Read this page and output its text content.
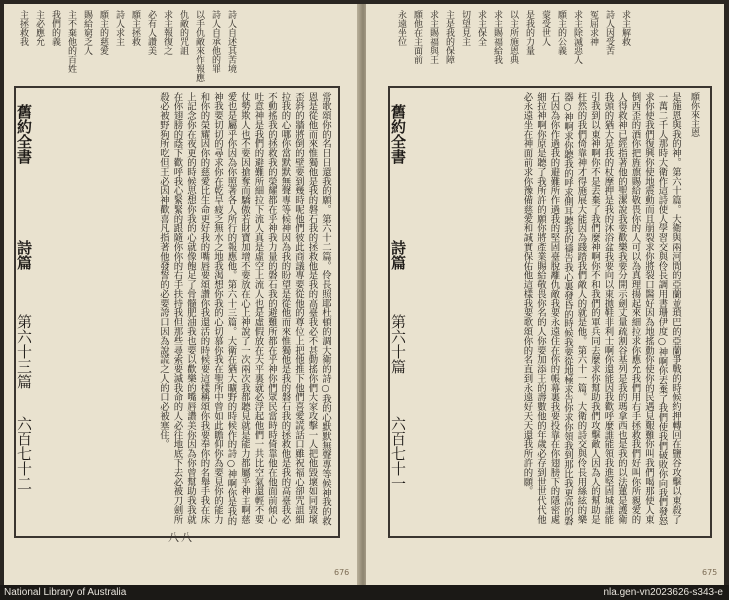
詩人自述其苦境
詩人自承他的罪
以手仇敵來作報應
仇敵的咒詛
求主報復之
必有人讚美
願主拯救
詩人求主
願主的慈愛
賜給窮乏人
主不棄他的百姓
我們的義
主必應允
主拯救我
舊約全書
詩篇
第六十三篇
六百七十二	常歌頌你的名日日還我的願。第六十二篇。伶長照耶杜頓的調大衛的詩○我的心默默無聲專等候神我的救恩是從他而來惟獨他是我的磐石我的拯救他是我的高臺我必不甚動搖你們大家攻擊一人把他毀壞如同毀壞歪斜的牆將倒的壁要到幾時呢他們彼此商議專要從他的尊位上把他推下他們喜愛謊話口雖祝福心卻咒詛細拉我的心哪你當默默無聲專等候神因為我的盼望是從他而來惟獨他是我的磐石我的拯救他是我的高臺我必不動搖我的拯救我的榮耀都在乎神我力量的磐石我的避難所都在乎神你們眾民當時時倚靠他在他面前傾心吐意神是我們的避難所細拉下流人真是虛空上流人也是虛假放在天平裏就必浮起他們一共比空氣還輕不要仗勢欺人也不要因搶奪而驕傲若財寶加增不要放在心上神說了一次兩次我都聽見就是能力都屬乎神主啊慈愛也是屬乎你因為你照著各人所行的報應他。第六十三篇。大衛在猶大曠野的時候作的詩○神啊你是我的神我要切切的尋求你在乾旱疲乏無水之地我渴想你我的心切慕你我在聖所中曾如此瞻仰你為要見你的能力和你的榮耀因你的慈愛比生命更好我的嘴唇要頌讚你我還活的時候要這樣稱頌你我要奉你的名舉手我在床上記念你在夜更的時候思想你我的心就像飽足了骨髓肥油我也要以歡樂的嘴唇讚美你因為你曾幫助我我就在你翅膀的蔭下歡呼我心緊緊的跟隨你你的右手扶持我但那些尋索要滅我命的人必往地底下去必被刀劍所殺必被野狗所吃但王必因神歡喜凡指著他發誓的必要誇口因為說謊之人的口必被塞住。
八八
676
求主解救
詩人因受苦
冤屈求神
求主除滅惡人
願主的公義
蒙受世人
是我的力量
以主所施恩典
求主賜福給我
求主保全
切望見主
主是我的保障
求主賜福與王
願他在主面前
永遠坐位
願你來主恩
舊約全書
詩篇
第六十篇
六百七十一	是施恩與我的神。第六十篇。大衛與兩河間的亞蘭並瑣巴的亞蘭爭戰的時候約押轉回在鹽谷攻擊以東殺了一萬二千人那時大衛作這詩使人學習交與伶長調用書珊伊度○神啊你丟棄了我們使我們破敗你向我們發怒求你使我們復興你使地震動而且崩裂求你將裂口醫好因為地搖動你使你的民遇見艱難你叫我們喝那使人東倒西歪的酒你把旌旗賜給敬畏你的人可以為真理揚起來細拉求你應允我們用右手拯救我們好叫你所親愛的人得救神已經指著他的聖潔說我要歡樂我要分開示劍丈量疏割谷基列是我的瑪拿西也是我的以法蓮是護衛我頭的猶大是我的杖摩押是我的沐浴盆我要向以東拋鞋非利士啊你還能因我歡呼麼誰能領我進堅固城誰能引我到以東神啊你不是丟棄了我們麼神啊你不和我們的軍兵同去麼求你幫助我們攻擊敵人因為人的幫助是枉然的我們倚靠神才得施展大能因為踐踏我們敵人的就是他。第六十一篇。大衛的詩交與伶長用絲絃的樂器○神啊求你聽我的呼求側耳聽我的禱告我心裏發昏的時候我要從地極求告你求你領我到那比我更高的磐石因為你作過我的避難所作過我的堅固臺脫離仇敵我要永遠住在你的帳幕裏我要投靠在你翅膀下的隱密處細拉神啊你原是聽了我所許的願你將產業賜給敬畏你名的人你要加添王的壽數他的年歲必存到世世代代他必永遠坐在神面前求你豫備慈愛和誠實保佑他這樣我要歌頌你的名直到永遠好天天還我所許的願。
675
National Library of Australia	nla.gen-vn2023626-s343-e
